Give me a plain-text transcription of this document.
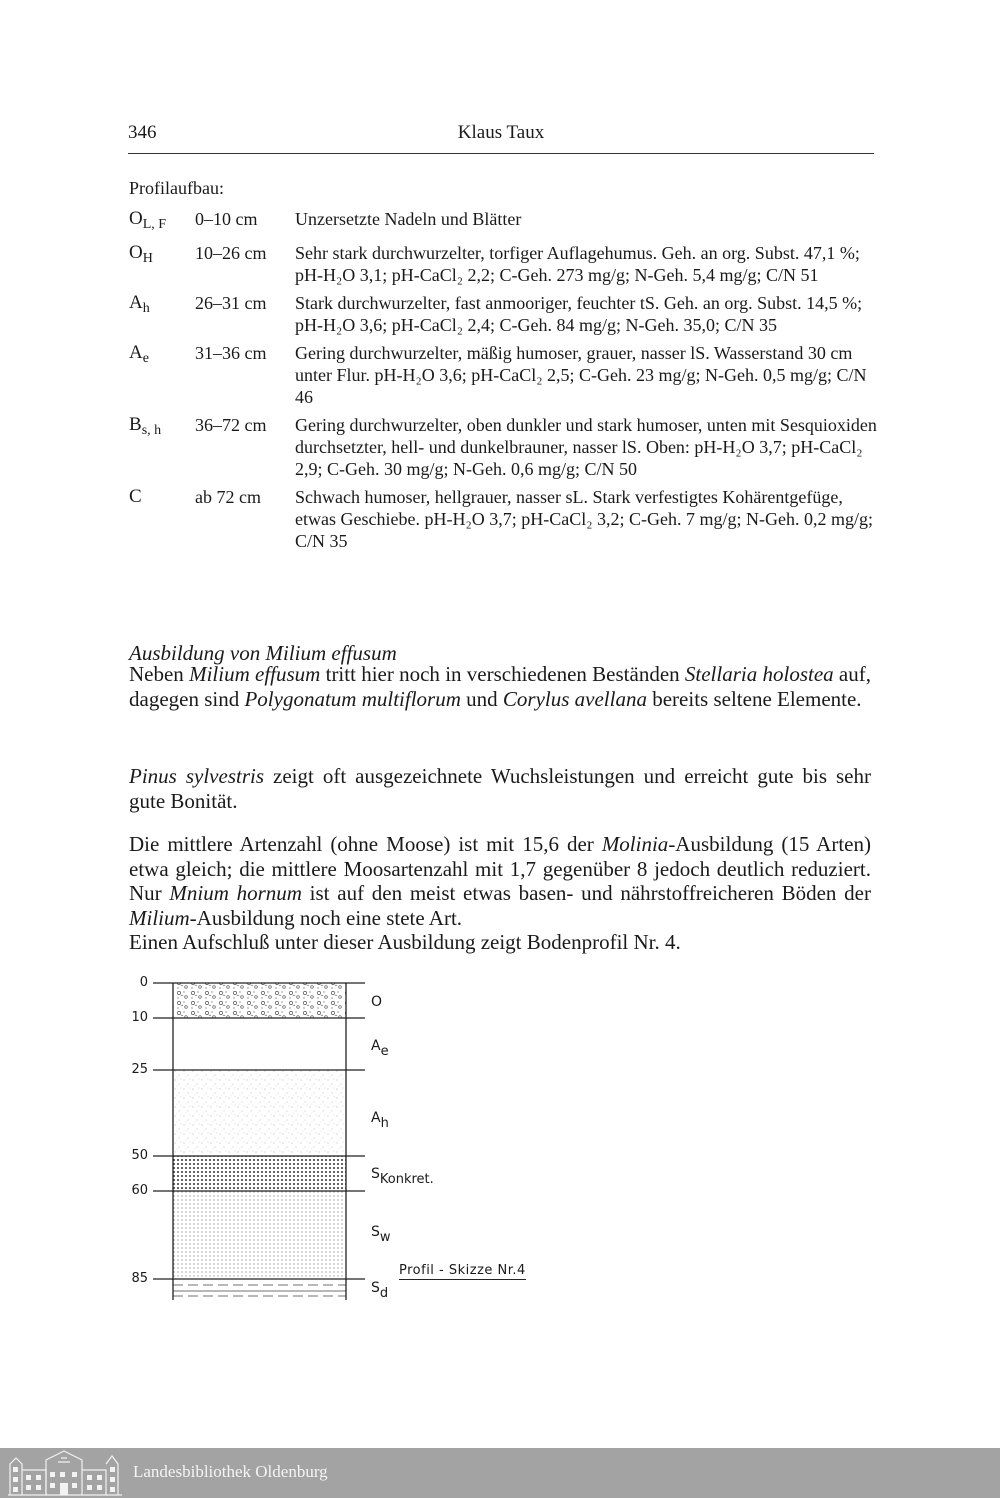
346	Klaus Taux
Profilaufbau:
$O_{L, F}$	0–10 cm	Unzersetzte Nadeln und Blätter
$O_H$	10–26 cm	Sehr stark durchwurzelter, torfiger Auflagehumus. Geh. an org. Subst. 47,1 %; pH-H₂O 3,1; pH-CaCl₂ 2,2; C-Geh. 273 mg/g; N-Geh. 5,4 mg/g; C/N 51
$A_h$	26–31 cm	Stark durchwurzelter, fast anmooriger, feuchter tS. Geh. an org. Subst. 14,5 %; pH-H₂O 3,6; pH-CaCl₂ 2,4; C-Geh. 84 mg/g; N-Geh. 35,0; C/N 35
$A_e$	31–36 cm	Gering durchwurzelter, mäßig humoser, grauer, nasser lS. Wasserstand 30 cm unter Flur. pH-H₂O 3,6; pH-CaCl₂ 2,5; C-Geh. 23 mg/g; N-Geh. 0,5 mg/g; C/N 46
$B_{s, h}$	36–72 cm	Gering durchwurzelter, oben dunkler und stark humoser, unten mit Sesquioxiden durchsetzter, hell- und dunkelbrauner, nasser lS. Oben: pH-H₂O 3,7; pH-CaCl₂ 2,9; C-Geh. 30 mg/g; N-Geh. 0,6 mg/g; C/N 50
C	ab 72 cm	Schwach humoser, hellgrauer, nasser sL. Stark verfestigtes Kohärentgefüge, etwas Geschiebe. pH-H₂O 3,7; pH-CaCl₂ 3,2; C-Geh. 7 mg/g; N-Geh. 0,2 mg/g; C/N 35
Ausbildung von Milium effusum

Neben Milium effusum tritt hier noch in verschiedenen Beständen Stellaria holostea auf, dagegen sind Polygonatum multiflorum und Corylus avellana bereits seltene Elemente.

Pinus sylvestris zeigt oft ausgezeichnete Wuchsleistungen und erreicht gute bis sehr gute Bonität.

Die mittlere Artenzahl (ohne Moose) ist mit 15,6 der Molinia-Ausbildung (15 Arten) etwa gleich; die mittlere Moosartenzahl mit 1,7 gegenüber 8 jedoch deutlich reduziert. Nur Mnium hornum ist auf den meist etwas basen- und nährstoffreicheren Böden der Milium-Ausbildung noch eine stete Art.

Einen Aufschluß unter dieser Ausbildung zeigt Bodenprofil Nr. 4.

0
10
25
50
60
85
O
$A_e$
$A_h$
$S_{Konkret.}$
$S_w$
$S_d$
Profil - Skizze Nr.4
Landesbibliothek Oldenburg
